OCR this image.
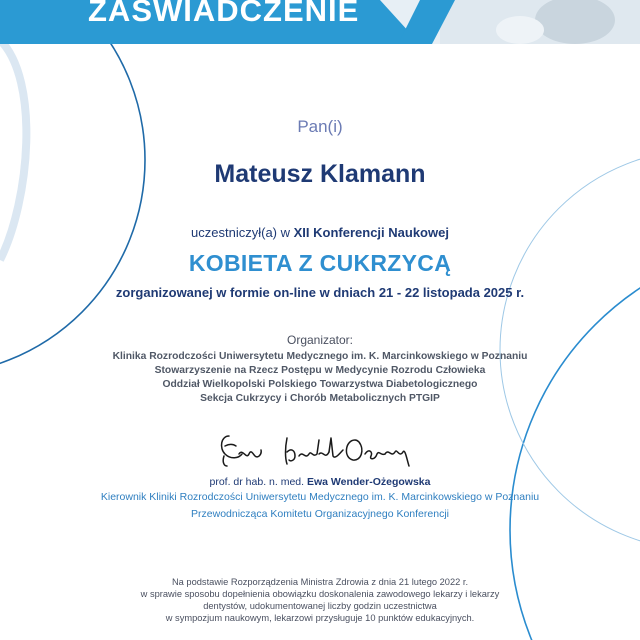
ZASWIADCZENIE
Pan(i)
Mateusz Klamann
uczestniczył(a) w XII Konferencji Naukowej
KOBIETA Z CUKRZYCĄ
zorganizowanej w formie on-line w dniach 21 - 22 listopada 2025 r.
Organizator:
Klinika Rozrodczości Uniwersytetu Medycznego im. K. Marcinkowskiego w Poznaniu
Stowarzyszenie na Rzecz Postępu w Medycynie Rozrodu Człowieka
Oddział Wielkopolski Polskiego Towarzystwa Diabetologicznego
Sekcja Cukrzycy i Chorób Metabolicznych PTGIP
prof. dr hab. n. med. Ewa Wender-Ożegowska
Kierownik Kliniki Rozrodczości Uniwersytetu Medycznego im. K. Marcinkowskiego w Poznaniu
Przewodnicząca Komitetu Organizacyjnego Konferencji
Na podstawie Rozporządzenia Ministra Zdrowia z dnia 21 lutego 2022 r.
w sprawie sposobu dopełnienia obowiązku doskonalenia zawodowego lekarzy i lekarzy
dentystów, udokumentowanej liczby godzin uczestnictwa
w sympozjum naukowym, lekarzowi przysługuje 10 punktów edukacyjnych.
